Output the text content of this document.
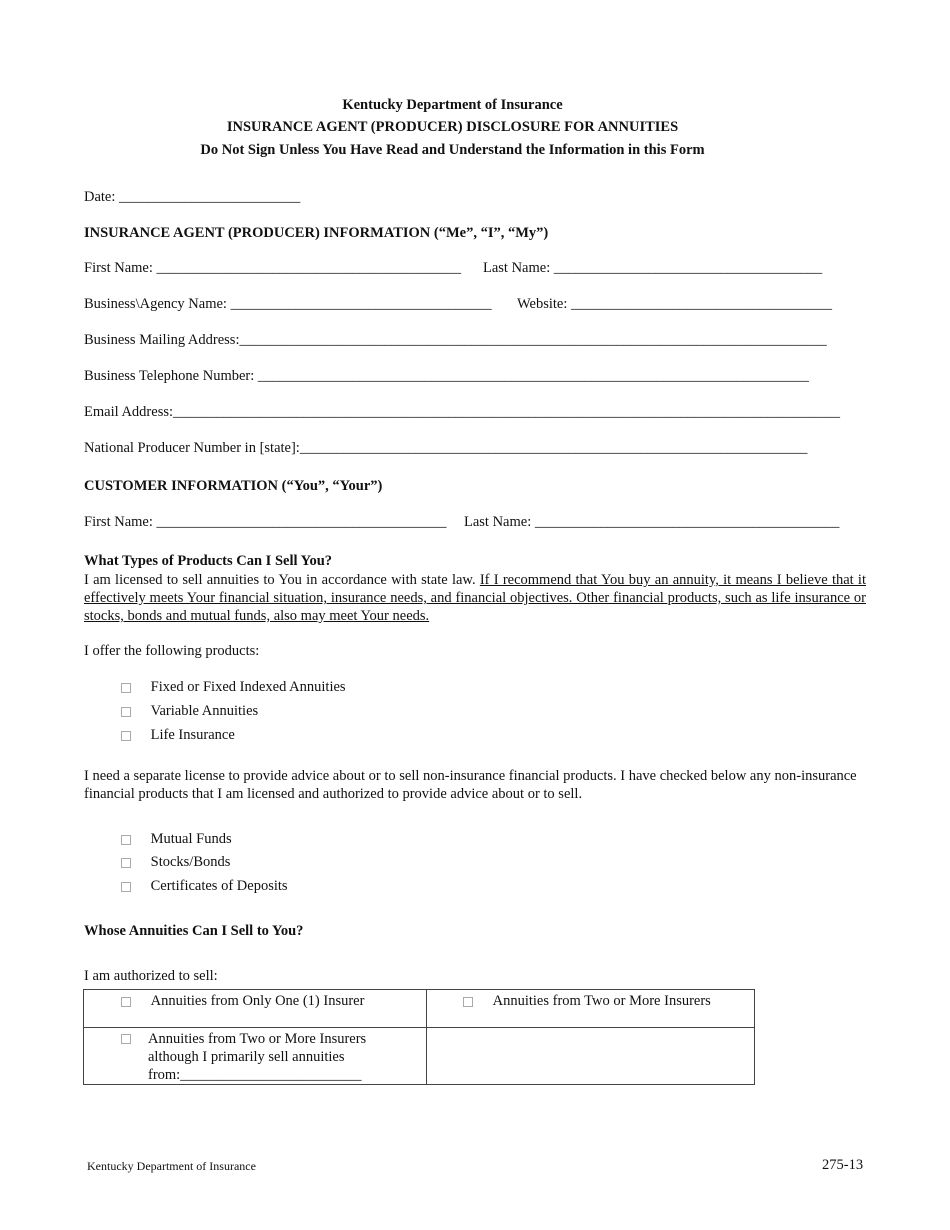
Kentucky Department of Insurance
INSURANCE AGENT (PRODUCER) DISCLOSURE FOR ANNUITIES
Do Not Sign Unless You Have Read and Understand the Information in this Form
Date: _________________________
INSURANCE AGENT (PRODUCER) INFORMATION (“Me”, “I”, “My”)
First Name: __________________________________________ Last Name: _____________________________________
Business\Agency Name: ____________________________________ Website: ____________________________________
Business Mailing Address:_________________________________________________________________________________
Business Telephone Number: ____________________________________________________________________________
Email Address:____________________________________________________________________________________________
National Producer Number in [state]:______________________________________________________________________
CUSTOMER INFORMATION (“You”, “Your”)
First Name: ________________________________________ Last Name: __________________________________________
What Types of Products Can I Sell You?
I am licensed to sell annuities to You in accordance with state law. If I recommend that You buy an annuity, it means I believe that it effectively meets Your financial situation, insurance needs, and financial objectives. Other financial products, such as life insurance or stocks, bonds and mutual funds, also may meet Your needs.
I offer the following products:
Fixed or Fixed Indexed Annuities
Variable Annuities
Life Insurance
I need a separate license to provide advice about or to sell non-insurance financial products. I have checked below any non-insurance financial products that I am licensed and authorized to provide advice about or to sell.
Mutual Funds
Stocks/Bonds
Certificates of Deposits
Whose Annuities Can I Sell to You?
I am authorized to sell:
Annuities from Only One (1) Insurer	Annuities from Two or More Insurers

Annuities from Two or More Insurers
although I primarily sell annuities
from:_________________________	

Kentucky Department of Insurance	275-13
